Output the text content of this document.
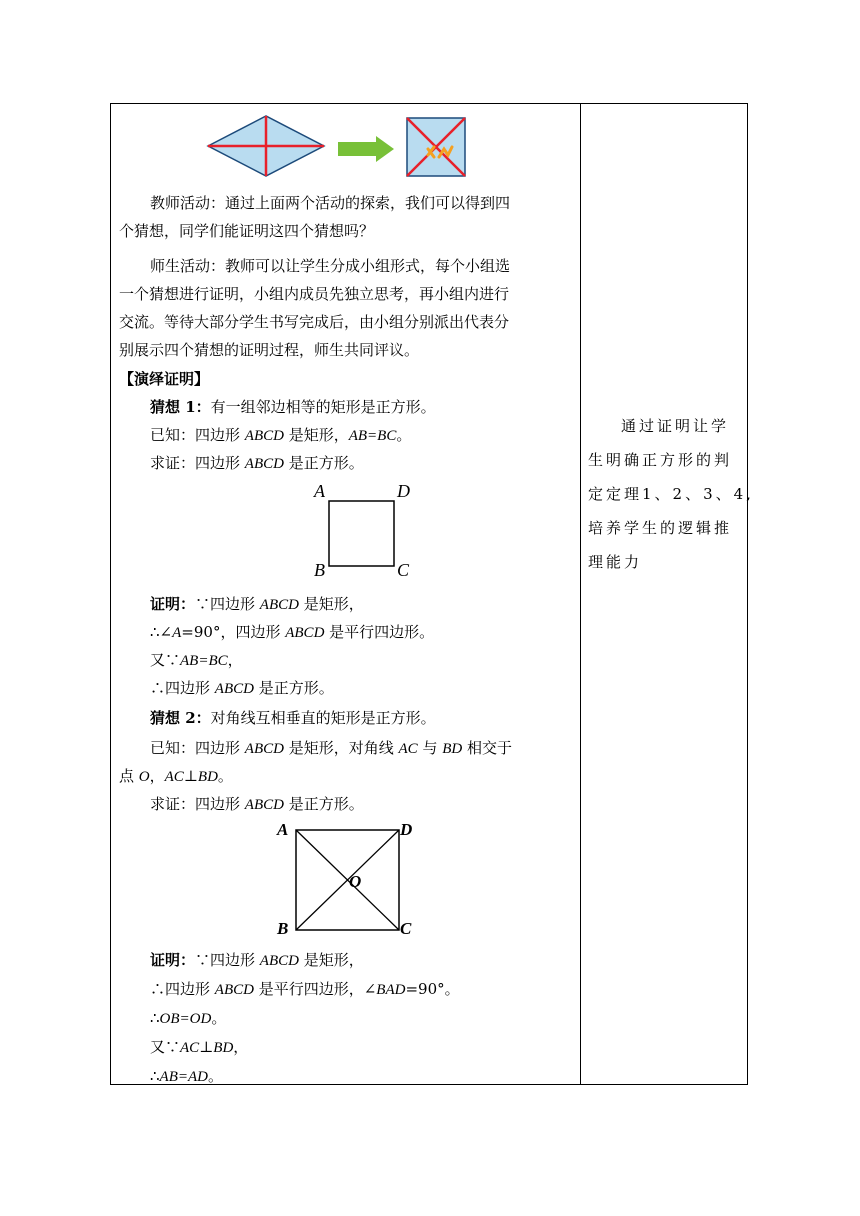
教师活动：通过上面两个活动的探索，我们可以得到四
个猜想，同学们能证明这四个猜想吗？
师生活动：教师可以让学生分成小组形式，每个小组选
一个猜想进行证明，小组内成员先独立思考，再小组内进行
交流。等待大部分学生书写完成后，由小组分别派出代表分
别展示四个猜想的证明过程，师生共同评议。
【演绎证明】
猜想 1：有一组邻边相等的矩形是正方形。
已知：四边形 ABCD 是矩形，AB=BC。
求证：四边形 ABCD 是正方形。
A	D
B	C
证明：∵四边形 ABCD 是矩形，
∴∠A=90°，四边形 ABCD 是平行四边形。
又∵AB=BC，
∴四边形 ABCD 是正方形。
猜想 2：对角线互相垂直的矩形是正方形。
已知：四边形 ABCD 是矩形，对角线 AC 与 BD 相交于
点 O，AC⊥BD。
求证：四边形 ABCD 是正方形。
A	D
B	C
O
证明：∵四边形 ABCD 是矩形，
∴四边形 ABCD 是平行四边形，∠BAD=90°。
∴OB=OD。
又∵AC⊥BD，
∴AB=AD。
通过证明让学
生明确正方形的判
定定理1、2、3、4,
培养学生的逻辑推
理能力
